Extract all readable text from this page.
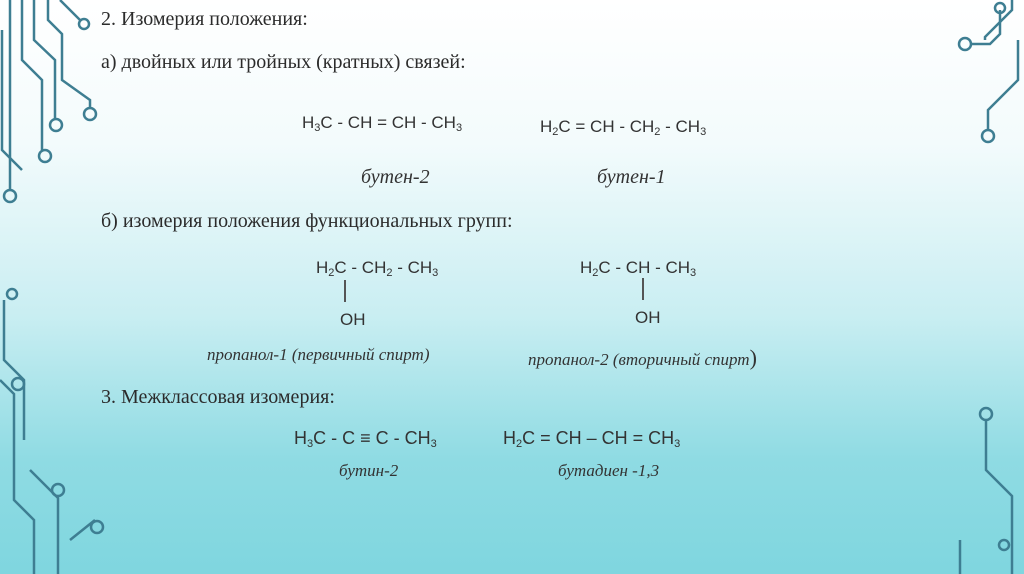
2. Изомерия положения:
а) двойных или тройных (кратных) связей:
$H_3C$ - CH = CH - $CH_3$	$H_2C$ = CH - $CH_2 - CH_3$
бутен-2	бутен-1
б) изомерия положения функциональных групп:
$H_2C - CH_2 - CH_3$
OH
$H_2C$ - CH - $CH_3$
OH
пропанол-1 (первичный спирт)	пропанол-2 (вторичный спирт)
3. Межклассовая изомерия:
$H_3C - C \equiv C - CH_3$	$H_2C$ = CH – CH = $CH_3$
бутин-2	бутадиен -1,3
